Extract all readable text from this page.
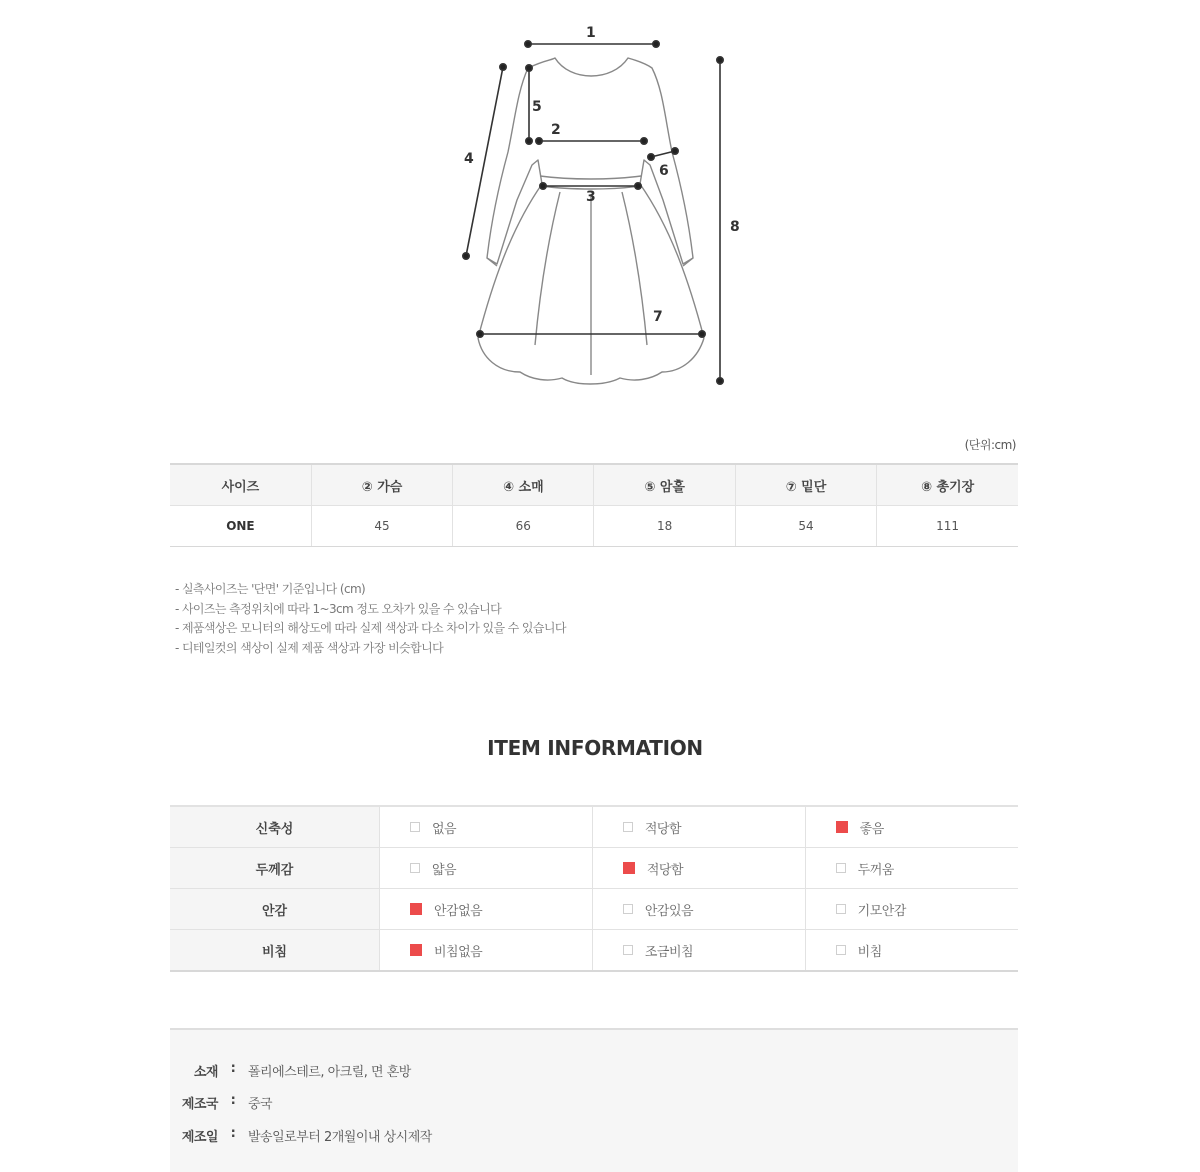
1
2
3
4
5
6
7
8
(단위:cm)
사이즈	② 가슴	④ 소매	⑤ 암홀	⑦ 밑단	⑧ 총기장
ONE	45	66	18	54	111
- 실측사이즈는 '단면' 기준입니다 (cm)
- 사이즈는 측정위치에 따라 1~3cm 정도 오차가 있을 수 있습니다
- 제품색상은 모니터의 해상도에 따라 실제 색상과 다소 차이가 있을 수 있습니다
- 디테일컷의 색상이 실제 제품 색상과 가장 비슷합니다
ITEM INFORMATION
신축성	없음	적당함	좋음

두께감	얇음	적당함	두꺼움

안감	안감없음	안감있음	기모안감

비침	비침없음	조금비침	비침
소재 : 폴리에스테르, 아크릴, 면 혼방
제조국 : 중국
제조일 : 발송일로부터 2개월이내 상시제작
